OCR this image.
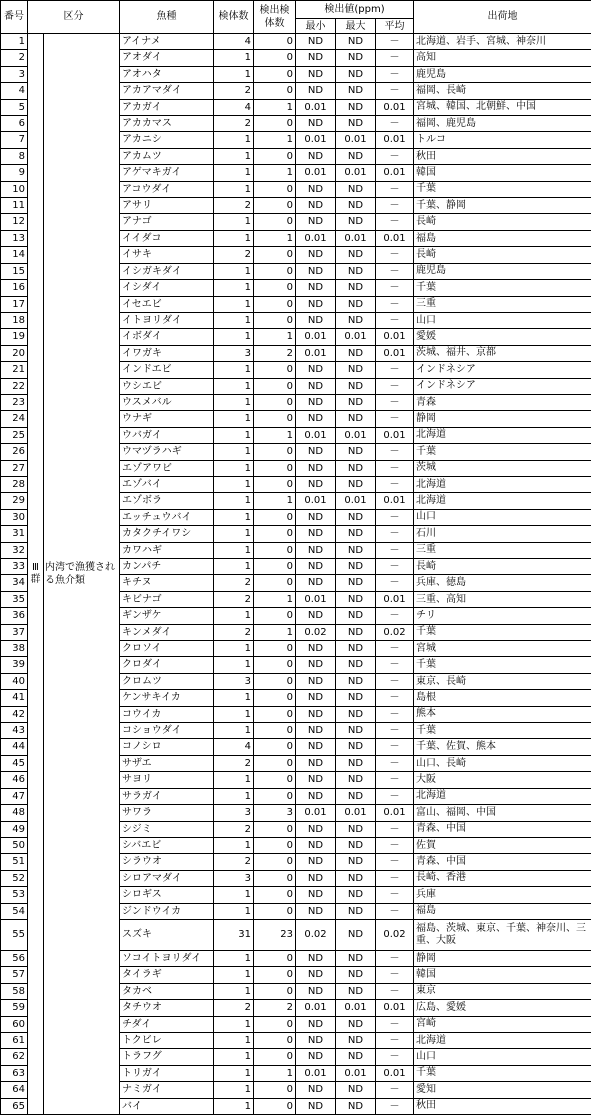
番号	区分		魚種	検体数	検出検体数	検出値(ppm)			出荷地
						最小	最大	平均	
1	Ⅲ群	内湾で漁獲される魚介類	アイナメ	4	0	ND	ND	－	北海道、岩手、宮城、神奈川
2			アオダイ	1	0	ND	ND	－	高知
3			アオハタ	1	0	ND	ND	－	鹿児島
4			アカアマダイ	2	0	ND	ND	－	福岡、長崎
5			アカガイ	4	1	0.01	ND	0.01	宮城、韓国、北朝鮮、中国
6			アカカマス	2	0	ND	ND	－	福岡、鹿児島
7			アカニシ	1	1	0.01	0.01	0.01	トルコ
8			アカムツ	1	0	ND	ND	－	秋田
9			アゲマキガイ	1	1	0.01	0.01	0.01	韓国
10			アコウダイ	1	0	ND	ND	－	千葉
11			アサリ	2	0	ND	ND	－	千葉、静岡
12			アナゴ	1	0	ND	ND	－	長崎
13			イイダコ	1	1	0.01	0.01	0.01	福島
14			イサキ	2	0	ND	ND	－	長崎
15			イシガキダイ	1	0	ND	ND	－	鹿児島
16			イシダイ	1	0	ND	ND	－	千葉
17			イセエビ	1	0	ND	ND	－	三重
18			イトヨリダイ	1	0	ND	ND	－	山口
19			イボダイ	1	1	0.01	0.01	0.01	愛媛
20			イワガキ	3	2	0.01	ND	0.01	茨城、福井、京都
21			インドエビ	1	0	ND	ND	－	インドネシア
22			ウシエビ	1	0	ND	ND	－	インドネシア
23			ウスメバル	1	0	ND	ND	－	青森
24			ウナギ	1	0	ND	ND	－	静岡
25			ウバガイ	1	1	0.01	0.01	0.01	北海道
26			ウマヅラハギ	1	0	ND	ND	－	千葉
27			エゾアワビ	1	0	ND	ND	－	茨城
28			エゾバイ	1	0	ND	ND	－	北海道
29			エゾボラ	1	1	0.01	0.01	0.01	北海道
30			エッチュウバイ	1	0	ND	ND	－	山口
31			カタクチイワシ	1	0	ND	ND	－	石川
32			カワハギ	1	0	ND	ND	－	三重
33			カンパチ	1	0	ND	ND	－	長崎
34			キチヌ	2	0	ND	ND	－	兵庫、徳島
35			キビナゴ	2	1	0.01	ND	0.01	三重、高知
36			ギンザケ	1	0	ND	ND	－	チリ
37			キンメダイ	2	1	0.02	ND	0.02	千葉
38			クロソイ	1	0	ND	ND	－	宮城
39			クロダイ	1	0	ND	ND	－	千葉
40			クロムツ	3	0	ND	ND	－	東京、長崎
41			ケンサキイカ	1	0	ND	ND	－	島根
42			コウイカ	1	0	ND	ND	－	熊本
43			コショウダイ	1	0	ND	ND	－	千葉
44			コノシロ	4	0	ND	ND	－	千葉、佐賀、熊本
45			サザエ	2	0	ND	ND	－	山口、長崎
46			サヨリ	1	0	ND	ND	－	大阪
47			サラガイ	1	0	ND	ND	－	北海道
48			サワラ	3	3	0.01	0.01	0.01	富山、福岡、中国
49			シジミ	2	0	ND	ND	－	青森、中国
50			シバエビ	1	0	ND	ND	－	佐賀
51			シラウオ	2	0	ND	ND	－	青森、中国
52			シロアマダイ	3	0	ND	ND	－	長崎、香港
53			シロギス	1	0	ND	ND	－	兵庫
54			ジンドウイカ	1	0	ND	ND	－	福島
55			スズキ	31	23	0.02	ND	0.02	福島、茨城、東京、千葉、神奈川、三重、大阪
56			ソコイトヨリダイ	1	0	ND	ND	－	静岡
57			タイラギ	1	0	ND	ND	－	韓国
58			タカベ	1	0	ND	ND	－	東京
59			タチウオ	2	2	0.01	0.01	0.01	広島、愛媛
60			チダイ	1	0	ND	ND	－	宮崎
61			トクビレ	1	0	ND	ND	－	北海道
62			トラフグ	1	0	ND	ND	－	山口
63			トリガイ	1	1	0.01	0.01	0.01	千葉
64			ナミガイ	1	0	ND	ND	－	愛知
65			バイ	1	0	ND	ND	－	秋田
